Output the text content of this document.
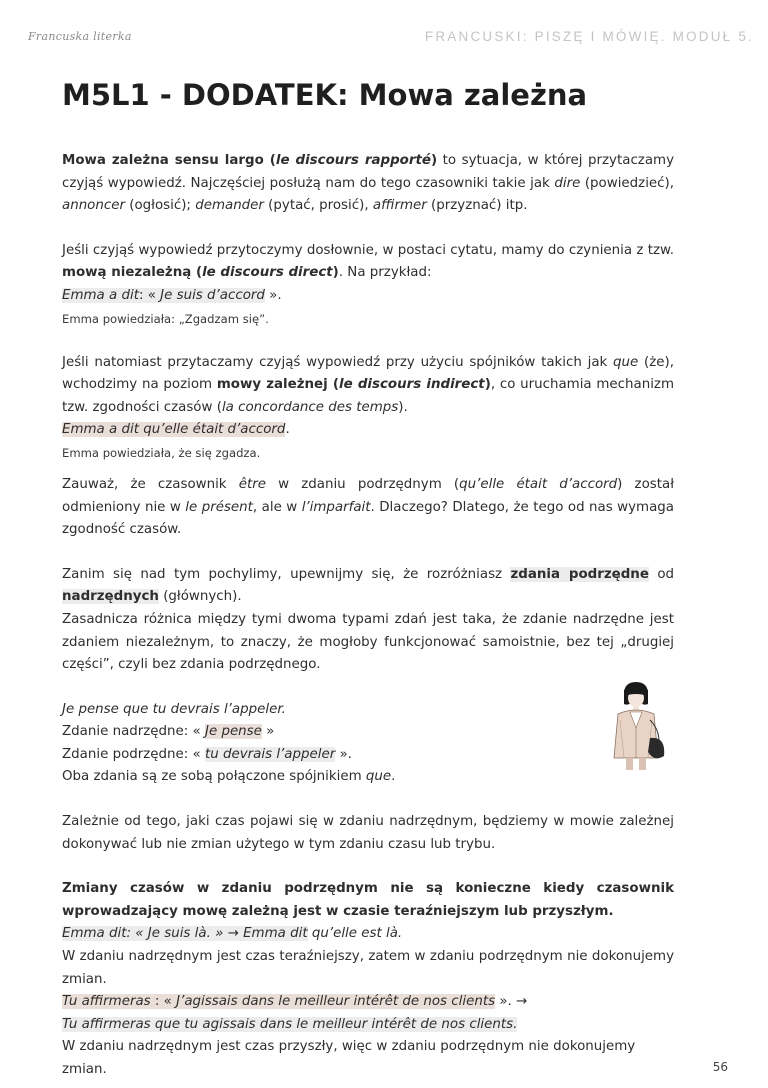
Francuska literka	FRANCUSKI: PISZĘ I MÓWIĘ. MODUŁ 5.
M5L1 - DODATEK: Mowa zależna

Mowa zależna sensu largo (le discours rapporté) to sytuacja, w której przytaczamy czyjąś wypowiedź. Najczęściej posłużą nam do tego czasowniki takie jak dire (powiedzieć), annoncer (ogłosić); demander (pytać, prosić), affirmer (przyznać) itp.

Jeśli czyjąś wypowiedź przytoczymy dosłownie, w postaci cytatu, mamy do czynienia z tzw. mową niezależną (le discours direct). Na przykład:

Emma a dit: « Je suis d’accord ».

Emma powiedziała: „Zgadzam się”.

Jeśli natomiast przytaczamy czyjąś wypowiedź przy użyciu spójników takich jak que (że), wchodzimy na poziom mowy zależnej (le discours indirect), co uruchamia mechanizm tzw. zgodności czasów (la concordance des temps).

Emma a dit qu’elle était d’accord.

Emma powiedziała, że się zgadza.

Zauważ, że czasownik être w zdaniu podrzędnym (qu’elle était d’accord) został odmieniony nie w le présent, ale w l’imparfait. Dlaczego? Dlatego, że tego od nas wymaga zgodność czasów.

Zanim się nad tym pochylimy, upewnijmy się, że rozróżniasz zdania podrzędne od nadrzędnych (głównych).

Zasadnicza różnica między tymi dwoma typami zdań jest taka, że zdanie nadrzędne jest zdaniem niezależnym, to znaczy, że mogłoby funkcjonować samoistnie, bez tej „drugiej części”, czyli bez zdania podrzędnego.

Je pense que tu devrais l’appeler.

Zdanie nadrzędne: « Je pense »

Zdanie podrzędne: « tu devrais l’appeler ».

Oba zdania są ze sobą połączone spójnikiem que.

Zależnie od tego, jaki czas pojawi się w zdaniu nadrzędnym, będziemy w mowie zależnej dokonywać lub nie zmian użytego w tym zdaniu czasu lub trybu.

Zmiany czasów w zdaniu podrzędnym nie są konieczne kiedy czasownik wprowadzający mowę zależną jest w czasie teraźniejszym lub przyszłym.

Emma dit: « Je suis là. » → Emma dit qu’elle est là.

W zdaniu nadrzędnym jest czas teraźniejszy, zatem w zdaniu podrzędnym nie dokonujemy zmian.

Tu affirmeras : « J’agissais dans le meilleur intérêt de nos clients ». →

Tu affirmeras que tu agissais dans le meilleur intérêt de nos clients.

W zdaniu nadrzędnym jest czas przyszły, więc w zdaniu podrzędnym nie dokonujemy zmian.	56
